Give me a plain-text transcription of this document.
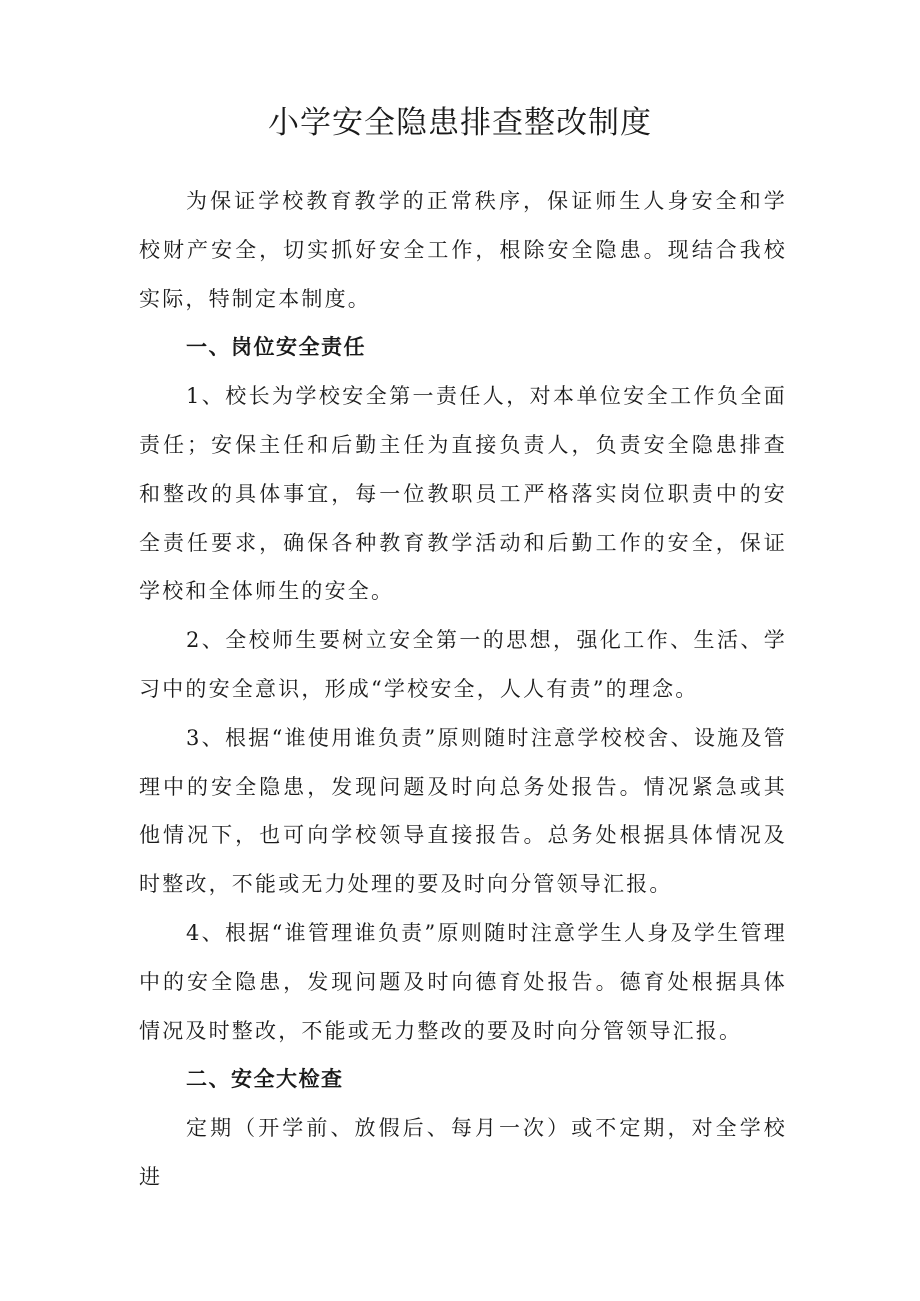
小学安全隐患排查整改制度

为保证学校教育教学的正常秩序，保证师生人身安全和学校财产安全，切实抓好安全工作，根除安全隐患。现结合我校实际，特制定本制度。

一、岗位安全责任

1、校长为学校安全第一责任人，对本单位安全工作负全面责任；安保主任和后勤主任为直接负责人，负责安全隐患排查和整改的具体事宜，每一位教职员工严格落实岗位职责中的安全责任要求，确保各种教育教学活动和后勤工作的安全，保证学校和全体师生的安全。

2、全校师生要树立安全第一的思想，强化工作、生活、学习中的安全意识，形成“学校安全，人人有责”的理念。

3、根据“谁使用谁负责”原则随时注意学校校舍、设施及管理中的安全隐患，发现问题及时向总务处报告。情况紧急或其他情况下，也可向学校领导直接报告。总务处根据具体情况及时整改，不能或无力处理的要及时向分管领导汇报。

4、根据“谁管理谁负责”原则随时注意学生人身及学生管理中的安全隐患，发现问题及时向德育处报告。德育处根据具体情况及时整改，不能或无力整改的要及时向分管领导汇报。

二、安全大检查

定期（开学前、放假后、每月一次）或不定期，对全学校进
